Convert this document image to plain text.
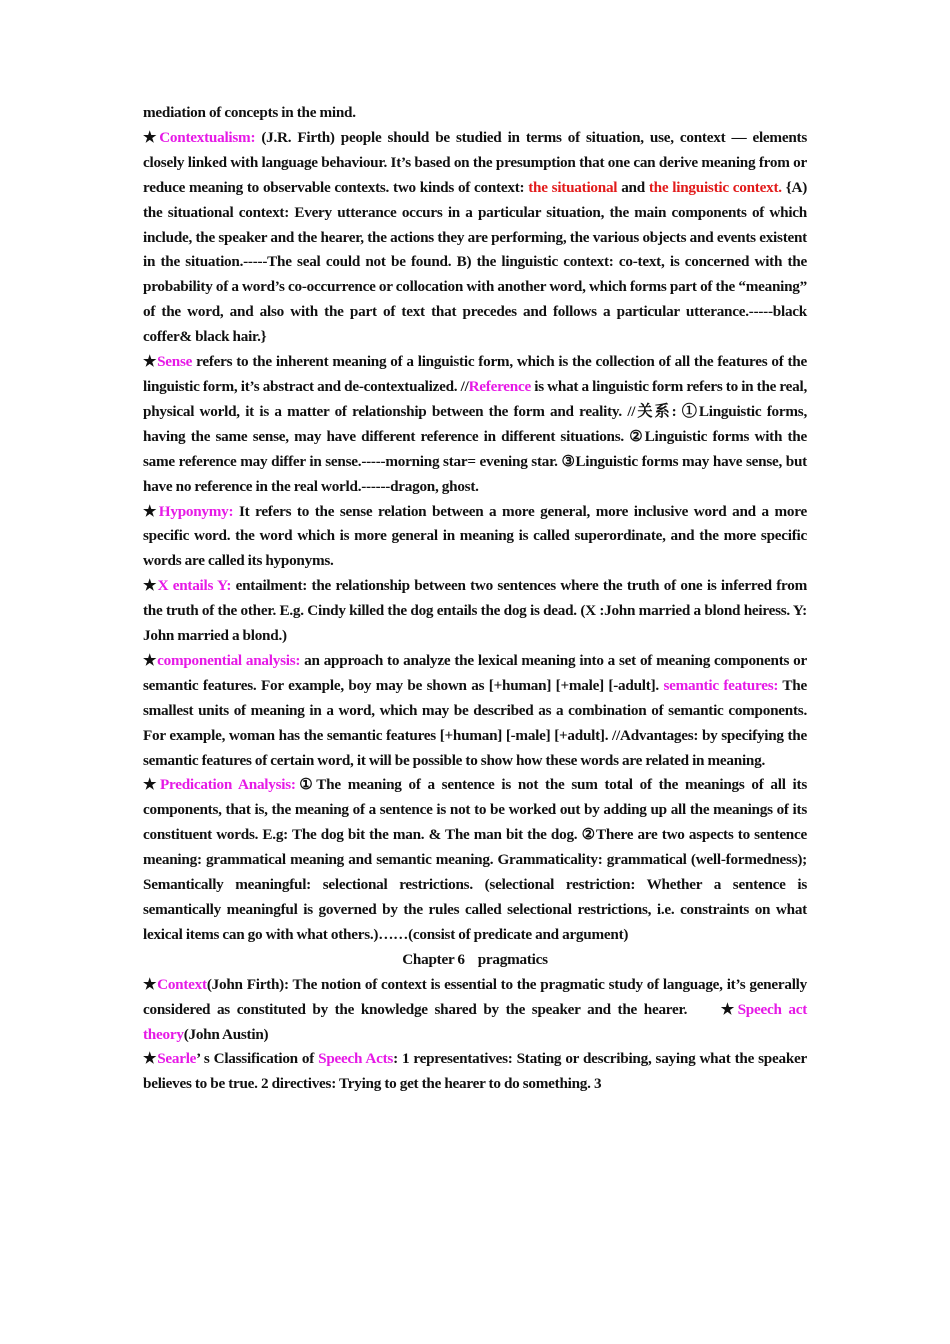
mediation of concepts in the mind.

★Contextualism: (J.R. Firth) people should be studied in terms of situation, use, context — elements closely linked with language behaviour. It’s based on the presumption that one can derive meaning from or reduce meaning to observable contexts. two kinds of context: the situational and the linguistic context. {A) the situational context: Every utterance occurs in a particular situation, the main components of which include, the speaker and the hearer, the actions they are performing, the various objects and events existent in the situation.-----The seal could not be found. B) the linguistic context: co-text, is concerned with the probability of a word’s co-occurrence or collocation with another word, which forms part of the “meaning” of the word, and also with the part of text that precedes and follows a particular utterance.-----black coffer& black hair.}

★Sense refers to the inherent meaning of a linguistic form, which is the collection of all the features of the linguistic form, it’s abstract and de-contextualized. //Reference is what a linguistic form refers to in the real, physical world, it is a matter of relationship between the form and reality. //关系: ①Linguistic forms, having the same sense, may have different reference in different situations. ②Linguistic forms with the same reference may differ in sense.-----morning star= evening star. ③Linguistic forms may have sense, but have no reference in the real world.------dragon, ghost.

★Hyponymy: It refers to the sense relation between a more general, more inclusive word and a more specific word. the word which is more general in meaning is called superordinate, and the more specific words are called its hyponyms.

★X entails Y: entailment: the relationship between two sentences where the truth of one is inferred from the truth of the other. E.g. Cindy killed the dog entails the dog is dead. (X :John married a blond heiress. Y: John married a blond.)

★componential analysis: an approach to analyze the lexical meaning into a set of meaning components or semantic features. For example, boy may be shown as [+human] [+male] [-adult]. semantic features: The smallest units of meaning in a word, which may be described as a combination of semantic components. For example, woman has the semantic features [+human] [-male] [+adult]. //Advantages: by specifying the semantic features of certain word, it will be possible to show how these words are related in meaning.

★Predication Analysis:①The meaning of a sentence is not the sum total of the meanings of all its components, that is, the meaning of a sentence is not to be worked out by adding up all the meanings of its constituent words. E.g: The dog bit the man. & The man bit the dog. ②There are two aspects to sentence meaning: grammatical meaning and semantic meaning. Grammaticality: grammatical (well-formedness); Semantically meaningful: selectional restrictions. (selectional restriction: Whether a sentence is semantically meaningful is governed by the rules called selectional restrictions, i.e. constraints on what lexical items can go with what others.)……(consist of predicate and argument)

Chapter 6    pragmatics

★Context(John Firth): The notion of context is essential to the pragmatic study of language, it’s generally considered as constituted by the knowledge shared by the speaker and the hearer.     ★Speech act theory(John Austin)

★Searle’ s Classification of Speech Acts: 1 representatives: Stating or describing, saying what the speaker believes to be true. 2 directives: Trying to get the hearer to do something. 3
